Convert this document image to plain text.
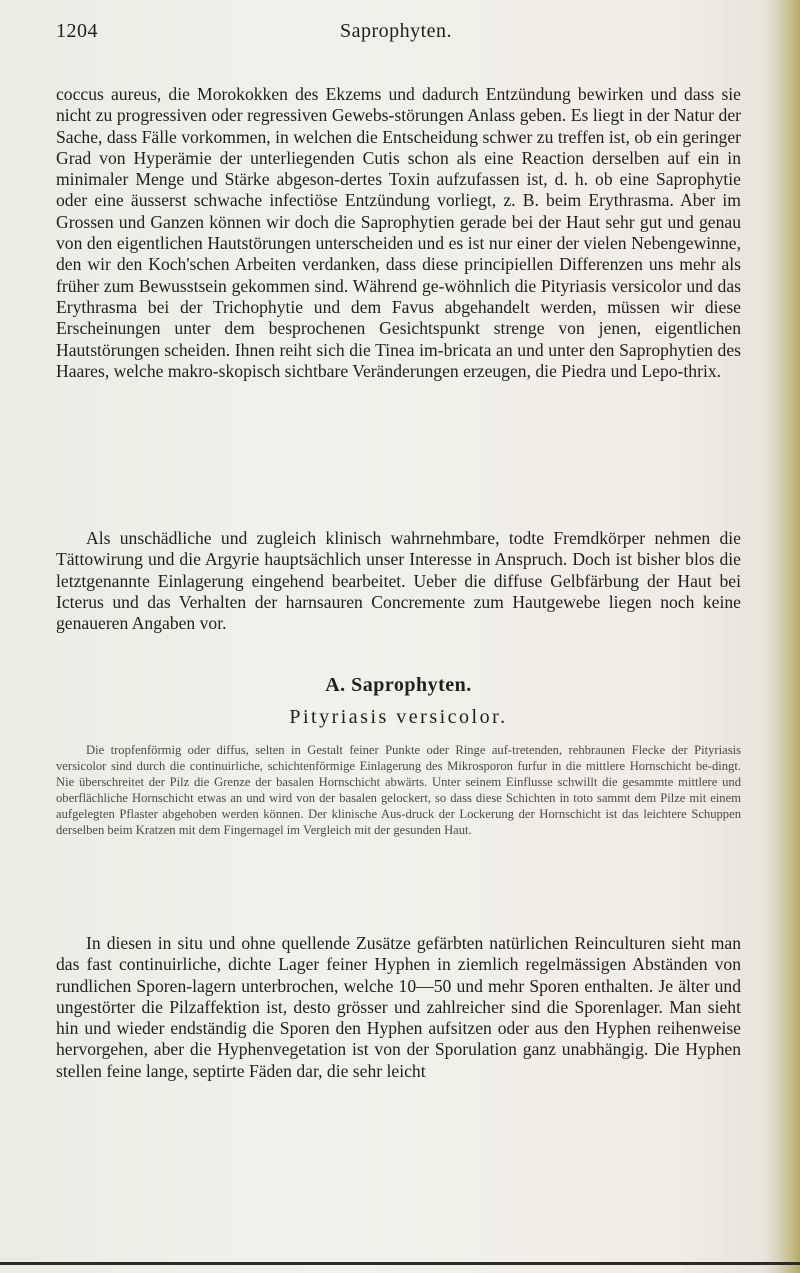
1204	Saprophyten.

coccus aureus, die Morokokken des Ekzems und dadurch Entzündung bewirken und dass sie nicht zu progressiven oder regressiven Gewebs-störungen Anlass geben. Es liegt in der Natur der Sache, dass Fälle vorkommen, in welchen die Entscheidung schwer zu treffen ist, ob ein geringer Grad von Hyperämie der unterliegenden Cutis schon als eine Reaction derselben auf ein in minimaler Menge und Stärke abgeson-dertes Toxin aufzufassen ist, d. h. ob eine Saprophytie oder eine äusserst schwache infectiöse Entzündung vorliegt, z. B. beim Erythrasma. Aber im Grossen und Ganzen können wir doch die Saprophytien gerade bei der Haut sehr gut und genau von den eigentlichen Hautstörungen unterscheiden und es ist nur einer der vielen Nebengewinne, den wir den Koch'schen Arbeiten verdanken, dass diese principiellen Differenzen uns mehr als früher zum Bewusstsein gekommen sind. Während ge-wöhnlich die Pityriasis versicolor und das Erythrasma bei der Trichophytie und dem Favus abgehandelt werden, müssen wir diese Erscheinungen unter dem besprochenen Gesichtspunkt strenge von jenen, eigentlichen Hautstörungen scheiden. Ihnen reiht sich die Tinea im-bricata an und unter den Saprophytien des Haares, welche makro-skopisch sichtbare Veränderungen erzeugen, die Piedra und Lepo-thrix.

Als unschädliche und zugleich klinisch wahrnehmbare, todte Fremdkörper nehmen die Tättowirung und die Argyrie hauptsächlich unser Interesse in Anspruch. Doch ist bisher blos die letztgenannte Einlagerung eingehend bearbeitet. Ueber die diffuse Gelbfärbung der Haut bei Icterus und das Verhalten der harnsauren Concremente zum Hautgewebe liegen noch keine genaueren Angaben vor.

A. Saprophyten.
Pityriasis versicolor.

Die tropfenförmig oder diffus, selten in Gestalt feiner Punkte oder Ringe auf-tretenden, rehbraunen Flecke der Pityriasis versicolor sind durch die continuirliche, schichtenförmige Einlagerung des Mikrosporon furfur in die mittlere Hornschicht be-dingt. Nie überschreitet der Pilz die Grenze der basalen Hornschicht abwärts. Unter seinem Einflusse schwillt die gesammte mittlere und oberflächliche Hornschicht etwas an und wird von der basalen gelockert, so dass diese Schichten in toto sammt dem Pilze mit einem aufgelegten Pflaster abgehoben werden können. Der klinische Aus-druck der Lockerung der Hornschicht ist das leichtere Schuppen derselben beim Kratzen mit dem Fingernagel im Vergleich mit der gesunden Haut.

In diesen in situ und ohne quellende Zusätze gefärbten natürlichen Reinculturen sieht man das fast continuirliche, dichte Lager feiner Hyphen in ziemlich regelmässigen Abständen von rundlichen Sporen-lagern unterbrochen, welche 10—50 und mehr Sporen enthalten. Je älter und ungestörter die Pilzaffektion ist, desto grösser und zahlreicher sind die Sporenlager. Man sieht hin und wieder endständig die Sporen den Hyphen aufsitzen oder aus den Hyphen reihenweise hervorgehen, aber die Hyphenvegetation ist von der Sporulation ganz unabhängig. Die Hyphen stellen feine lange, septirte Fäden dar, die sehr leicht
